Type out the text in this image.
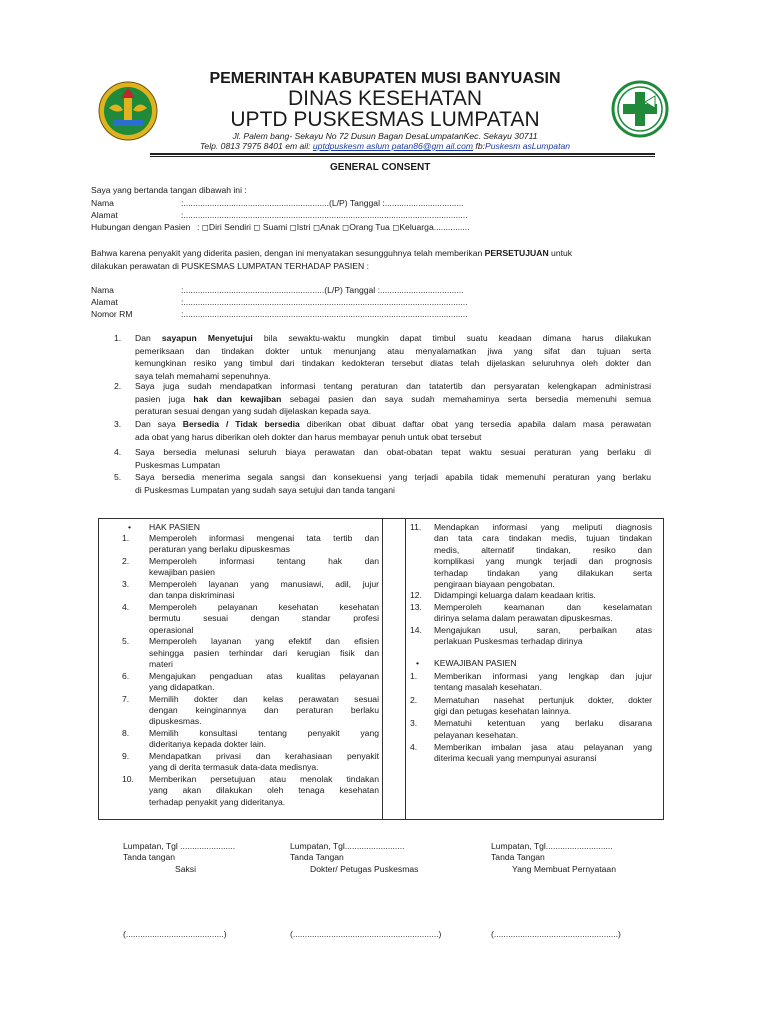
PEMERINTAH KABUPATEN MUSI BANYUASIN
DINAS KESEHATAN
UPTD PUSKESMAS LUMPATAN
Jl. Palem bang- Sekayu No 72 Dusun Bagan DesaLumpatanKec. Sekayu 30711
Telp. 0813 7975 8401 em ail: uptdpuskesm aslum patan86@gm ail.com fb:Puskesm asLumpatan
GENERAL CONSENT
Saya yang bertanda tangan dibawah ini :
Nama	:.............................................................(L/P) Tanggal :.................................
Alamat	:.......................................................................................................................
Hubungan dengan Pasien : ◻Diri Sendiri ◻ Suami ◻Istri ◻Anak ◻Orang Tua ◻Keluarga...............
Bahwa karena penyakit yang diderita pasien, dengan ini menyatakan sesungguhnya telah memberikan PERSETUJUAN untuk
dilakukan perawatan di PUSKESMAS LUMPATAN TERHADAP PASIEN :
Nama	:...........................................................(L/P) Tanggal :...................................
Alamat	:.......................................................................................................................
Nomor RM	:.......................................................................................................................
1. Dan sayapun Menyetujui bila sewaktu-waktu mungkin dapat timbul suatu keadaan dimana harus dilakukan
pemeriksaan dan tindakan dokter untuk menunjang atau menyalamatkan jiwa yang sifat dan tujuan serta
kemungkinan resiko yang timbul dari tindakan kedokteran tersebut diatas telah dijelaskan seluruhnya oleh dokter dan
saya telah memahami sepenuhnya.
2. Saya juga sudah mendapatkan informasi tentang peraturan dan tatatertib dan persyaratan kelengkapan administrasi
pasien juga hak dan kewajiban sebagai pasien dan saya sudah memahaminya serta bersedia memenuhi semua
peraturan sesuai dengan yang sudah dijelaskan kepada saya.
3. Dan saya Bersedia / Tidak bersedia diberikan obat dibuat daftar obat yang tersedia apabila dalam masa perawatan
ada obat yang harus diberikan oleh dokter dan harus membayar penuh untuk obat tersebut
4. Saya bersedia melunasi seluruh biaya perawatan dan obat-obatan tepat waktu sesuai peraturan yang berlaku di
Puskesmas Lumpatan
5. Saya bersedia menerima segala sangsi dan konsekuensi yang terjadi apabila tidak memenuhi peraturan yang berlaku
di Puskesmas Lumpatan yang sudah saya setujui dan tanda tangani
• HAK PASIEN
1.	Memperoleh informasi mengenai tata tertib dan
peraturan yang berlaku dipuskesmas
2.	Memperoleh informasi tentang hak dan
kewajiban pasien
3.	Memperoleh layanan yang manusiawi, adil, jujur
dan tanpa diskriminasi
4.	Memperoleh pelayanan kesehatan kesehatan
bermutu sesuai dengan standar profesi
operasional
5.	Memperoleh layanan yang efektif dan efisien
sehingga pasien terhindar dari kerugian fisik dan
materi
6.	Mengajukan pengaduan atas kualitas pelayanan
yang didapatkan.
7.	Memilih dokter dan kelas perawatan sesuai
dengan keinginannya dan peraturan berlaku
dipuskesmas.
8.	Memilih konsultasi tentang penyakit yang
dideritanya kepada dokter lain.
9.	Mendapatkan privasi dan kerahasiaan penyakit
yang di derita termasuk data-data medisnya.
10.	Memberikan persetujuan atau menolak tindakan
yang akan dilakukan oleh tenaga kesehatan
terhadap penyakit yang dideritanya.
11.	Mendapkan informasi yang meliputi diagnosis
dan tata cara tindakan medis, tujuan tindakan
medis, alternatif tindakan, resiko dan
komplikasi yang mungk terjadi dan prognosis
terhadap tindakan yang dilakukan serta
pengiraan biayaan pengobatan.
12.	Didampingi keluarga dalam keadaan kritis.
13.	Memperoleh keamanan dan keselamatan
dirinya selama dalam perawatan dipuskesmas.
14.	Mengajukan usul, saran, perbaikan atas
perlakuan Puskesmas terhadap dirinya
• KEWAJIBAN PASIEN
1.	Memberikan informasi yang lengkap dan jujur
tentang masalah kesehatan.
2.	Mematuhan nasehat pertunjuk dokter, dokter
gigi dan petugas kesehatan lainnya.
3.	Mematuhi ketentuan yang berlaku disarana
pelayanan kesehatan.
4.	Memberikan imbalan jasa atau pelayanan yang
diterima kecuali yang mempunyai asuransi
Lumpatan, Tgl .......................
Tanda tangan
Saksi
(.........................................)
Lumpatan, Tgl.........................
Tanda Tangan
Dokter/ Petugas Puskesmas
(.............................................................)
Lumpatan, Tgl............................
Tanda Tangan
Yang Membuat Pernyataan
(....................................................)
